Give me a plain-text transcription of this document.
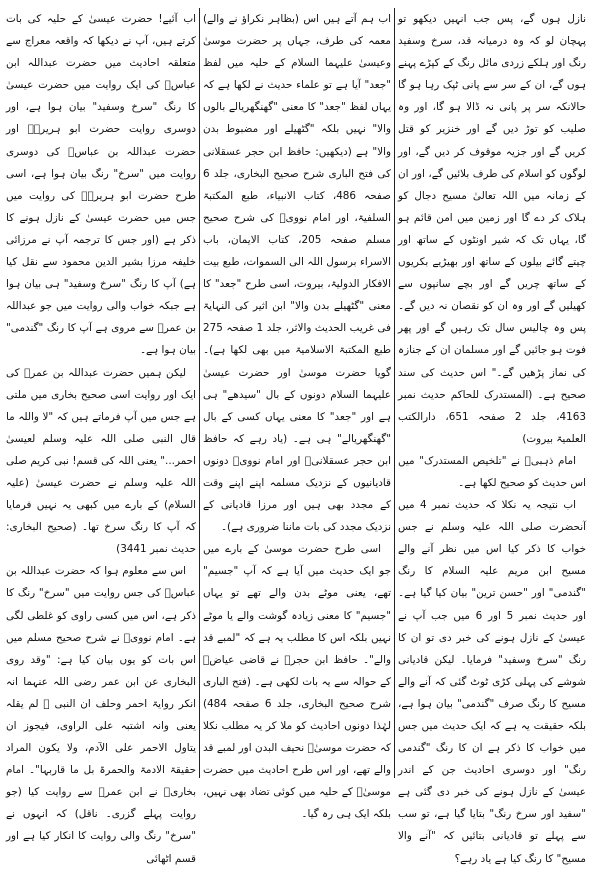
نازل ہوں گے، پس جب انہیں دیکھو تو پہچان لو کہ وہ درمیانہ قد، سرخ وسفید رنگ اور ہلکے زردی مائل رنگ کے کپڑے پہنے ہوں گے، ان کے سر سے پانی ٹپک رہا ہو گا حالانکہ سر پر پانی نہ ڈالا ہو گا، اور وہ صلیب کو توڑ دیں گے اور خنزیر کو قتل کریں گے اور جزیہ موقوف کر دیں گے، اور لوگوں کو اسلام کی طرف بلائیں گے، اور ان کے زمانہ میں اللہ تعالیٰ مسیح دجال کو ہلاک کر دے گا اور زمین میں امن قائم ہو گا، یہاں تک کہ شیر اونٹوں کے ساتھ اور چیتے گائے بیلوں کے ساتھ اور بھیڑیے بکریوں کے ساتھ چریں گے اور بچے سانپوں سے کھیلیں گے اور وہ ان کو نقصان نہ دیں گے۔ پس وہ چالیس سال تک رہیں گے اور پھر فوت ہو جائیں گے اور مسلمان ان کے جنازہ کی نماز پڑھیں گے۔" اس حدیث کی سند صحیح ہے۔ (المستدرک للحاکم حدیث نمبر 4163، جلد 2 صفحہ 651، دارالکتب العلمیۃ بیروت)

امام ذہبیؒ نے "تلخیص المستدرک" میں اس حدیث کو صحیح لکھا ہے۔

اب نتیجہ یہ نکلا کہ حدیث نمبر 4 میں آنحضرت صلی اللہ علیہ وسلم نے جس خواب کا ذکر کیا اس میں نظر آنے والے مسیح ابن مریم علیہ السلام کا رنگ "گندمی" اور "حسن ترین" بیان کیا گیا ہے۔ اور حدیث نمبر 5 اور 6 میں جب آپ نے عیسیٰ کے نازل ہونے کی خبر دی تو ان کا رنگ "سرخ وسفید" فرمایا۔ لیکن قادیانی شوشے کی پہلی کڑی ٹوٹ گئی کہ آنے والے مسیح کا رنگ صرف "گندمی" بیان ہوا ہے، بلکہ حقیقت یہ ہے کہ ایک حدیث میں جس میں خواب کا ذکر ہے ان کا رنگ "گندمی رنگ" اور دوسری احادیث جن کے اندر عیسیٰ کے نازل ہونے کی خبر دی گئی ہے "سفید اور سرخ رنگ" بتایا گیا ہے، تو سب سے پہلے تو قادیانی بتائیں کہ "آنے والا مسیح" کا رنگ کیا ہے یاد رہے؟

اب ہم آتے ہیں اس (بظاہر نکراؤ نے والے) معمہ کی طرف، جہاں پر حضرت موسیٰ وعیسیٰ علیہما السلام کے حلیہ میں لفظ "جعد" آیا ہے تو علماء حدیث نے لکھا ہے کہ یہاں لفظ "جعد" کا معنی "گھنگھریالے بالوں والا" نہیں بلکہ "گٹھیلے اور مضبوط بدن والا" ہے (دیکھیں: حافظ ابن حجر عسقلانی کی فتح الباری شرح صحیح البخاری، جلد 6 صفحہ 486، کتاب الانبیاء، طبع المکتبۃ السلفیۃ، اور امام نوویؒ کی شرح صحیح مسلم صفحہ 205، کتاب الایمان، باب الاسراء برسول اللہ الی السموات، طبع بیت الافکار الدولیۃ، بیروت، اسی طرح "جعد" کا معنی "گٹھیلے بدن والا" ابن اثیر کی النہایۃ فی غریب الحدیث والاثر، جلد 1 صفحہ 275 طبع المکتبۃ الاسلامیۃ میں بھی لکھا ہے)۔ گویا حضرت موسیٰ اور حضرت عیسیٰ علیہما السلام دونوں کے بال "سیدھے" ہی ہے اور "جعد" کا معنی یہاں کسی کے بال "گھنگھریالے" ہی ہے۔ (یاد رہے کہ حافظ ابن حجر عسقلانیؒ اور امام نوویؒ دونوں قادیانیوں کے نزدیک مسلمہ اپنے اپنے وقت کے مجدد بھی ہیں اور مرزا قادیانی کے نزدیک مجدد کی بات ماننا ضروری ہے)۔

اسی طرح حضرت موسیٰ کے بارے میں جو ایک حدیث میں آیا ہے کہ آپ "جسیم" تھے، یعنی موٹے بدن والے تھے تو یہاں "جسیم" کا معنی زیادہ گوشت والے یا موٹے نہیں بلکہ اس کا مطلب یہ ہے کہ "لمبے قد والے"۔ حافظ ابن حجرؒ نے قاضی عیاضؒ کے حوالہ سے یہ بات لکھی ہے۔ (فتح الباری شرح صحیح البخاری، جلد 6 صفحہ 484) لہٰذا دونوں احادیث کو ملا کر یہ مطلب نکلا کہ حضرت موسیٰؑ نحیف البدن اور لمبے قد والے تھے، اور اس طرح احادیث میں حضرت موسیٰؑ کے حلیہ میں کوئی تضاد بھی نہیں، بلکہ ایک ہی رہ گیا۔

اب آئیے! حضرت عیسیٰ کے حلیہ کی بات کرتے ہیں، آپ نے دیکھا کہ واقعہ معراج سے متعلقہ احادیث میں حضرت عبداللہ ابن عباسؓ کی ایک روایت میں حضرت عیسیٰ کا رنگ "سرخ وسفید" بیان ہوا ہے، اور دوسری روایت حضرت ابو ہریرہؓ اور حضرت عبداللہ بن عباسؓ کی دوسری روایت میں "سرخ" رنگ بیان ہوا ہے، اسی طرح حضرت ابو ہریرہؓ کی روایت میں جس میں حضرت عیسیٰ کے نازل ہونے کا ذکر ہے (اور جس کا ترجمہ آپ نے مرزائی خلیفہ مرزا بشیر الدین محمود سے نقل کیا ہے) آپ کا رنگ "سرخ وسفید" ہی بیان ہوا ہے جبکہ خواب والی روایت میں جو عبداللہ بن عمرؓ سے مروی ہے آپ کا رنگ "گندمی" بیان ہوا ہے۔

لیکن ہمیں حضرت عبداللہ بن عمرؓ کی ایک اور روایت اسی صحیح بخاری میں ملتی ہے جس میں آپ فرماتے ہیں کہ "لا واللہ ما قال النبی صلی اللہ علیہ وسلم لعیسیٰ احمر..." یعنی اللہ کی قسم! نبی کریم صلی اللہ علیہ وسلم نے حضرت عیسیٰ (علیہ السلام) کے بارے میں کبھی یہ نہیں فرمایا کہ آپ کا رنگ سرخ تھا۔ (صحیح البخاری: حدیث نمبر 3441)

اس سے معلوم ہوا کہ حضرت عبداللہ بن عباسؓ کی جس روایت میں "سرخ" رنگ کا ذکر ہے، اس میں کسی راوی کو غلطی لگی ہے۔ امام نوویؒ نے شرح صحیح مسلم میں اس بات کو یوں بیان کیا ہے: "وقد روی البخاری عن ابن عمر رضی اللہ عنہما انہ انکر روایۃ احمر وحلف ان النبی ﷺ لم یقلہ یعنی وانہ اشتبہ علی الراوی، فیجوز ان یتاول الاحمر علی الآدم، ولا یکون المراد حقیقۃ الادمۃ والحمرۃ بل ما قاربہا"۔ امام بخاریؒ نے ابن عمرؓ سے روایت کیا (جو روایت پہلے گزری۔ ناقل) کہ انہوں نے "سرخ" رنگ والی روایت کا انکار کیا ہے اور قسم اٹھائی
